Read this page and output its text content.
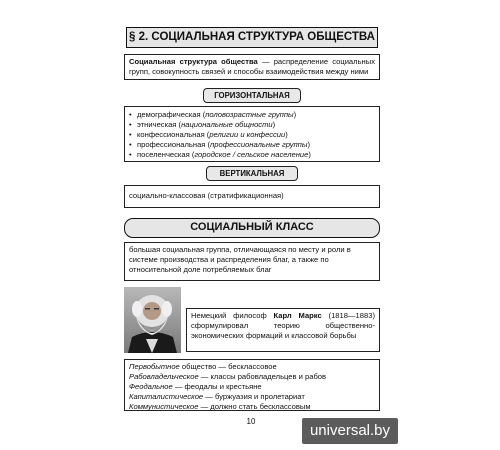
§ 2. СОЦИАЛЬНАЯ СТРУКТУРА ОБЩЕСТВА
Социальная структура общества — распределение социальных групп, совокупность связей и способы взаимодействия между ними
ГОРИЗОНТАЛЬНАЯ
• демографическая (половозрастные группы)
• этническая (национальные общности)
• конфессиональная (религии и конфессии)
• профессиональная (профессиональные группы)
• поселенческая (городское / сельское население)
ВЕРТИКАЛЬНАЯ
социально-классовая (стратификационная)
СОЦИАЛЬНЫЙ КЛАСС
большая социальная группа, отличающаяся по месту и роли в системе производства и распределения благ, а также по относительной доле потребляемых благ
Немецкий философ Карл Маркс (1818—1883) сформулировал теорию общественно-экономических формаций и классовой борьбы
Первобытное общество — бесклассовое
Рабовладельческое — классы рабовладельцев и рабов
Феодальное — феодалы и крестьяне
Капиталистическое — буржуазия и пролетариат
Коммунистическое — должно стать бесклассовым
10
universal.by
